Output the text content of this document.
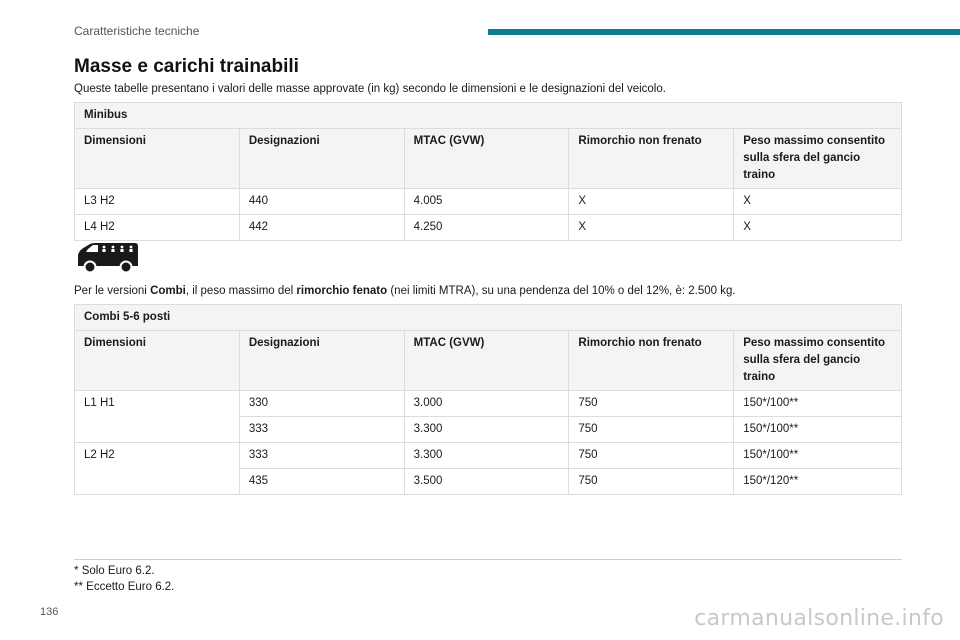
Caratteristiche tecniche
Masse e carichi trainabili

Queste tabelle presentano i valori delle masse approvate (in kg) secondo le dimensioni e le designazioni del veicolo.

Minibus				
Dimensioni	Designazioni	MTAC (GVW)	Rimorchio non frenato	Peso massimo consentito sulla sfera del gancio traino
L3 H2	440	4.005	X	X
L4 H2	442	4.250	X	X

Per le versioni Combi, il peso massimo del rimorchio fenato (nei limiti MTRA), su una pendenza del 10% o del 12%, è: 2.500 kg.

Combi 5-6 posti				
Dimensioni	Designazioni	MTAC (GVW)	Rimorchio non frenato	Peso massimo consentito sulla sfera del gancio traino
L1 H1	330	3.000	750	150*/100**
	333	3.300	750	150*/100**
L2 H2	333	3.300	750	150*/100**
	435	3.500	750	150*/120**

* Solo Euro 6.2.

** Eccetto Euro 6.2.

136	carmanualsonline.info
